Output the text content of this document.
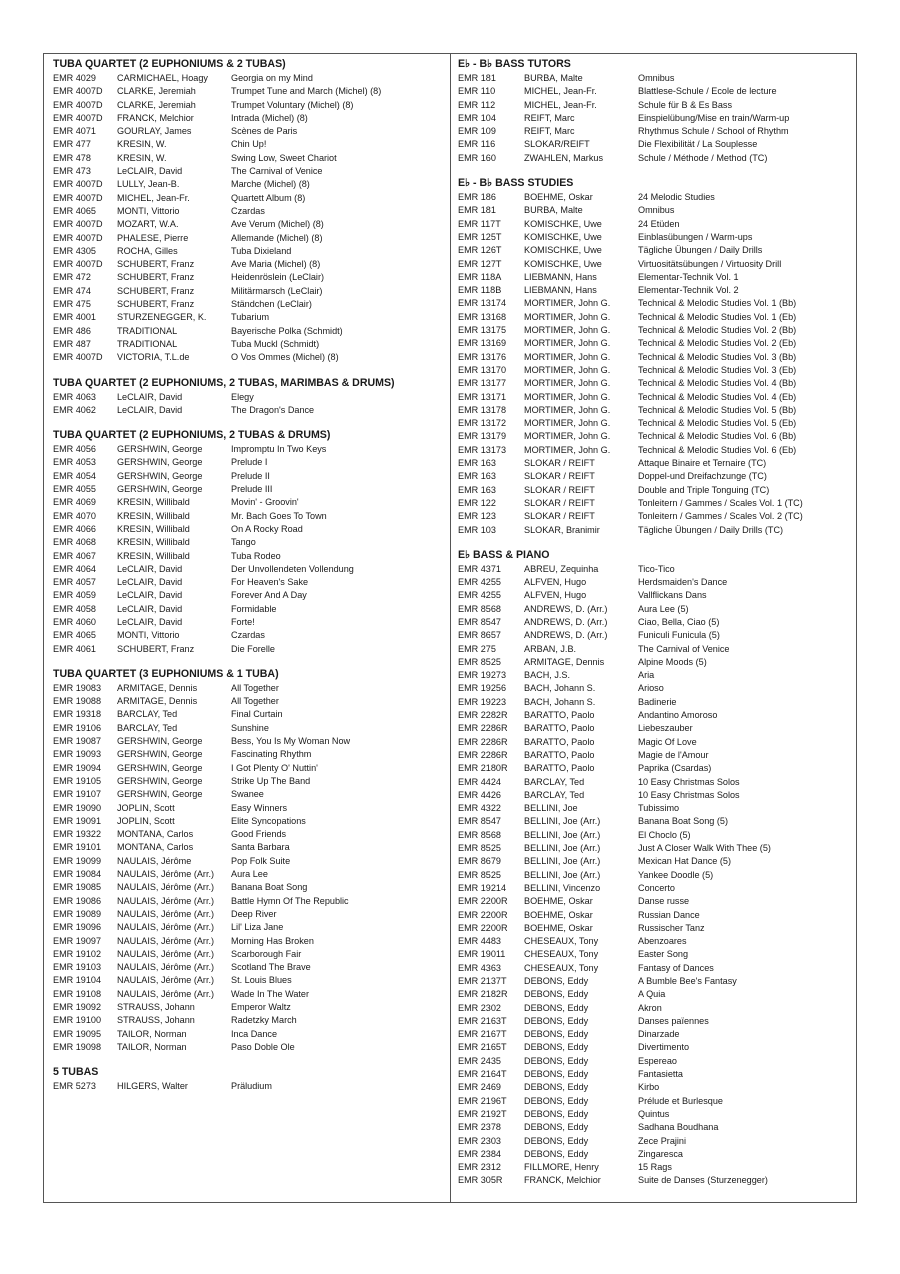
TUBA QUARTET (2 EUPHONIUMS & 2 TUBAS)
EMR 4029	CARMICHAEL, Hoagy	Georgia on my Mind
EMR 4007D	CLARKE, Jeremiah	Trumpet Tune and March (Michel) (8)
EMR 4007D	CLARKE, Jeremiah	Trumpet Voluntary (Michel) (8)
EMR 4007D	FRANCK, Melchior	Intrada (Michel) (8)
EMR 4071	GOURLAY, James	Scènes de Paris
EMR 477	KRESIN, W.	Chin Up!
EMR 478	KRESIN, W.	Swing Low, Sweet Chariot
EMR 473	LeCLAIR, David	The Carnival of Venice
EMR 4007D	LULLY, Jean-B.	Marche (Michel) (8)
EMR 4007D	MICHEL, Jean-Fr.	Quartett Album (8)
EMR 4065	MONTI, Vittorio	Czardas
EMR 4007D	MOZART, W.A.	Ave Verum (Michel) (8)
EMR 4007D	PHALESE, Pierre	Allemande (Michel) (8)
EMR 4305	ROCHA, Gilles	Tuba Dixieland
EMR 4007D	SCHUBERT, Franz	Ave Maria (Michel) (8)
EMR 472	SCHUBERT, Franz	Heidenröslein (LeClair)
EMR 474	SCHUBERT, Franz	Militärmarsch (LeClair)
EMR 475	SCHUBERT, Franz	Ständchen (LeClair)
EMR 4001	STURZENEGGER, K.	Tubarium
EMR 486	TRADITIONAL	Bayerische Polka (Schmidt)
EMR 487	TRADITIONAL	Tuba Muckl (Schmidt)
EMR 4007D	VICTORIA, T.L.de	O Vos Ommes (Michel) (8)
TUBA QUARTET (2 EUPHONIUMS, 2 TUBAS, MARIMBAS & DRUMS)
EMR 4063	LeCLAIR, David	Elegy
EMR 4062	LeCLAIR, David	The Dragon's Dance
TUBA QUARTET (2 EUPHONIUMS, 2 TUBAS & DRUMS)
EMR 4056	GERSHWIN, George	Impromptu In Two Keys
EMR 4053	GERSHWIN, George	Prelude I
EMR 4054	GERSHWIN, George	Prelude II
EMR 4055	GERSHWIN, George	Prelude III
EMR 4069	KRESIN, Willibald	Movin' - Groovin'
EMR 4070	KRESIN, Willibald	Mr. Bach Goes To Town
EMR 4066	KRESIN, Willibald	On A Rocky Road
EMR 4068	KRESIN, Willibald	Tango
EMR 4067	KRESIN, Willibald	Tuba Rodeo
EMR 4064	LeCLAIR, David	Der Unvollendeten Vollendung
EMR 4057	LeCLAIR, David	For Heaven's Sake
EMR 4059	LeCLAIR, David	Forever And A Day
EMR 4058	LeCLAIR, David	Formidable
EMR 4060	LeCLAIR, David	Forte!
EMR 4065	MONTI, Vittorio	Czardas
EMR 4061	SCHUBERT, Franz	Die Forelle
TUBA QUARTET (3 EUPHONIUMS & 1 TUBA)
EMR 19083	ARMITAGE, Dennis	All Together
EMR 19088	ARMITAGE, Dennis	All Together
EMR 19318	BARCLAY, Ted	Final Curtain
EMR 19106	BARCLAY, Ted	Sunshine
EMR 19087	GERSHWIN, George	Bess, You Is My Woman Now
EMR 19093	GERSHWIN, George	Fascinating Rhythm
EMR 19094	GERSHWIN, George	I Got Plenty O' Nuttin'
EMR 19105	GERSHWIN, George	Strike Up The Band
EMR 19107	GERSHWIN, George	Swanee
EMR 19090	JOPLIN, Scott	Easy Winners
EMR 19091	JOPLIN, Scott	Elite Syncopations
EMR 19322	MONTANA, Carlos	Good Friends
EMR 19101	MONTANA, Carlos	Santa Barbara
EMR 19099	NAULAIS, Jérôme	Pop Folk Suite
EMR 19084	NAULAIS, Jérôme (Arr.)	Aura Lee
EMR 19085	NAULAIS, Jérôme (Arr.)	Banana Boat Song
EMR 19086	NAULAIS, Jérôme (Arr.)	Battle Hymn Of The Republic
EMR 19089	NAULAIS, Jérôme (Arr.)	Deep River
EMR 19096	NAULAIS, Jérôme (Arr.)	Lil' Liza Jane
EMR 19097	NAULAIS, Jérôme (Arr.)	Morning Has Broken
EMR 19102	NAULAIS, Jérôme (Arr.)	Scarborough Fair
EMR 19103	NAULAIS, Jérôme (Arr.)	Scotland The Brave
EMR 19104	NAULAIS, Jérôme (Arr.)	St. Louis Blues
EMR 19108	NAULAIS, Jérôme (Arr.)	Wade In The Water
EMR 19092	STRAUSS, Johann	Emperor Waltz
EMR 19100	STRAUSS, Johann	Radetzky March
EMR 19095	TAILOR, Norman	Inca Dance
EMR 19098	TAILOR, Norman	Paso Doble Ole
5 TUBAS
EMR 5273	HILGERS, Walter	Präludium
E♭ - B♭ BASS TUTORS
EMR 181	BURBA, Malte	Omnibus
EMR 110	MICHEL, Jean-Fr.	Blattlese-Schule / Ecole de lecture
EMR 112	MICHEL, Jean-Fr.	Schule für B & Es Bass
EMR 104	REIFT, Marc	Einspielübung/Mise en train/Warm-up
EMR 109	REIFT, Marc	Rhythmus Schule / School of Rhythm
EMR 116	SLOKAR/REIFT	Die Flexibilität / La Souplesse
EMR 160	ZWAHLEN, Markus	Schule / Méthode / Method (TC)
E♭ - B♭ BASS STUDIES
EMR 186	BOEHME, Oskar	24 Melodic Studies
EMR 181	BURBA, Malte	Omnibus
EMR 117T	KOMISCHKE, Uwe	24 Etüden
EMR 125T	KOMISCHKE, Uwe	Einblasübungen / Warm-ups
EMR 126T	KOMISCHKE, Uwe	Tägliche Übungen / Daily Drills
EMR 127T	KOMISCHKE, Uwe	Virtuositätsübungen / Virtuosity Drill
EMR 118A	LIEBMANN, Hans	Elementar-Technik Vol. 1
EMR 118B	LIEBMANN, Hans	Elementar-Technik Vol. 2
EMR 13174	MORTIMER, John G.	Technical & Melodic Studies Vol. 1 (Bb)
EMR 13168	MORTIMER, John G.	Technical & Melodic Studies Vol. 1 (Eb)
EMR 13175	MORTIMER, John G.	Technical & Melodic Studies Vol. 2 (Bb)
EMR 13169	MORTIMER, John G.	Technical & Melodic Studies Vol. 2 (Eb)
EMR 13176	MORTIMER, John G.	Technical & Melodic Studies Vol. 3 (Bb)
EMR 13170	MORTIMER, John G.	Technical & Melodic Studies Vol. 3 (Eb)
EMR 13177	MORTIMER, John G.	Technical & Melodic Studies Vol. 4 (Bb)
EMR 13171	MORTIMER, John G.	Technical & Melodic Studies Vol. 4 (Eb)
EMR 13178	MORTIMER, John G.	Technical & Melodic Studies Vol. 5 (Bb)
EMR 13172	MORTIMER, John G.	Technical & Melodic Studies Vol. 5 (Eb)
EMR 13179	MORTIMER, John G.	Technical & Melodic Studies Vol. 6 (Bb)
EMR 13173	MORTIMER, John G.	Technical & Melodic Studies Vol. 6 (Eb)
EMR 163	SLOKAR / REIFT	Attaque Binaire et Ternaire (TC)
EMR 163	SLOKAR / REIFT	Doppel-und Dreifachzunge (TC)
EMR 163	SLOKAR / REIFT	Double and Triple Tonguing (TC)
EMR 122	SLOKAR / REIFT	Tonleitern / Gammes / Scales Vol. 1 (TC)
EMR 123	SLOKAR / REIFT	Tonleitern / Gammes / Scales Vol. 2 (TC)
EMR 103	SLOKAR, Branimir	Tägliche Übungen / Daily Drills (TC)
E♭ BASS & PIANO
EMR 4371	ABREU, Zequinha	Tico-Tico
EMR 4255	ALFVEN, Hugo	Herdsmaiden's Dance
EMR 4255	ALFVEN, Hugo	Vallflickans Dans
EMR 8568	ANDREWS, D. (Arr.)	Aura Lee (5)
EMR 8547	ANDREWS, D. (Arr.)	Ciao, Bella, Ciao (5)
EMR 8657	ANDREWS, D. (Arr.)	Funiculi Funicula (5)
EMR 275	ARBAN, J.B.	The Carnival of Venice
EMR 8525	ARMITAGE, Dennis	Alpine Moods (5)
EMR 19273	BACH, J.S.	Aria
EMR 19256	BACH, Johann S.	Arioso
EMR 19223	BACH, Johann S.	Badinerie
EMR 2282R	BARATTO, Paolo	Andantino Amoroso
EMR 2286R	BARATTO, Paolo	Liebeszauber
EMR 2286R	BARATTO, Paolo	Magic Of Love
EMR 2286R	BARATTO, Paolo	Magie de l'Amour
EMR 2180R	BARATTO, Paolo	Paprika (Csardas)
EMR 4424	BARCLAY, Ted	10 Easy Christmas Solos
EMR 4426	BARCLAY, Ted	10 Easy Christmas Solos
EMR 4322	BELLINI, Joe	Tubissimo
EMR 8547	BELLINI, Joe (Arr.)	Banana Boat Song (5)
EMR 8568	BELLINI, Joe (Arr.)	El Choclo (5)
EMR 8525	BELLINI, Joe (Arr.)	Just A Closer Walk With Thee (5)
EMR 8679	BELLINI, Joe (Arr.)	Mexican Hat Dance (5)
EMR 8525	BELLINI, Joe (Arr.)	Yankee Doodle (5)
EMR 19214	BELLINI, Vincenzo	Concerto
EMR 2200R	BOEHME, Oskar	Danse russe
EMR 2200R	BOEHME, Oskar	Russian Dance
EMR 2200R	BOEHME, Oskar	Russischer Tanz
EMR 4483	CHESEAUX, Tony	Abenzoares
EMR 19011	CHESEAUX, Tony	Easter Song
EMR 4363	CHESEAUX, Tony	Fantasy of Dances
EMR 2137T	DEBONS, Eddy	A Bumble Bee's Fantasy
EMR 2182R	DEBONS, Eddy	A Quia
EMR 2302	DEBONS, Eddy	Akron
EMR 2163T	DEBONS, Eddy	Danses païennes
EMR 2167T	DEBONS, Eddy	Dinarzade
EMR 2165T	DEBONS, Eddy	Divertimento
EMR 2435	DEBONS, Eddy	Espereao
EMR 2164T	DEBONS, Eddy	Fantasietta
EMR 2469	DEBONS, Eddy	Kirbo
EMR 2196T	DEBONS, Eddy	Prélude et Burlesque
EMR 2192T	DEBONS, Eddy	Quintus
EMR 2378	DEBONS, Eddy	Sadhana Boudhana
EMR 2303	DEBONS, Eddy	Zece Prajini
EMR 2384	DEBONS, Eddy	Zingaresca
EMR 2312	FILLMORE, Henry	15 Rags
EMR 305R	FRANCK, Melchior	Suite de Danses (Sturzenegger)
